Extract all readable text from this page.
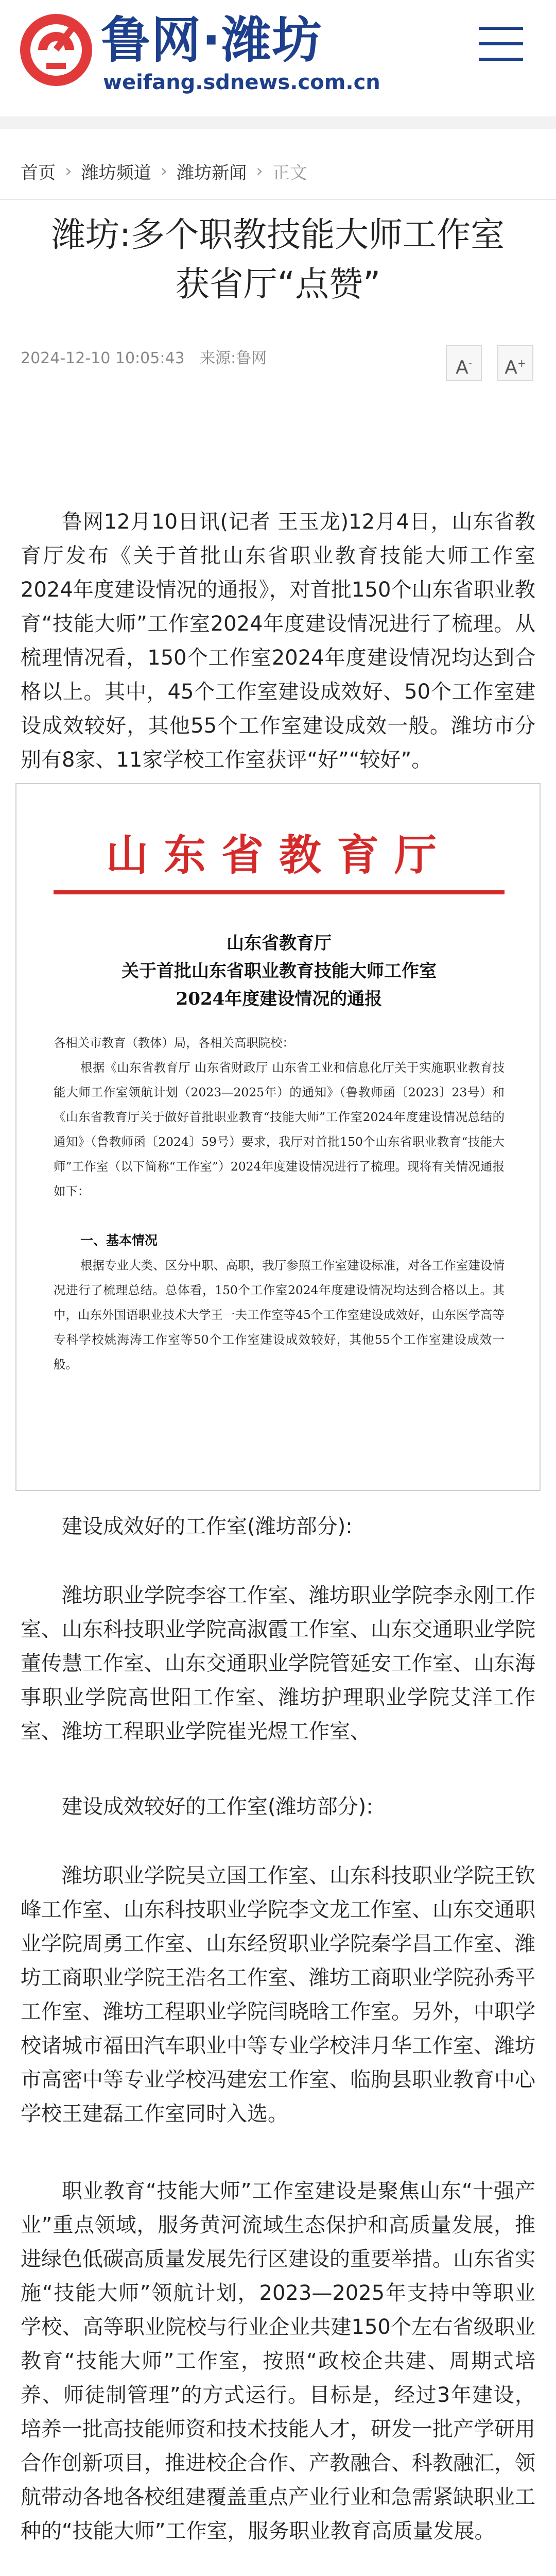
鲁网·潍坊
weifang.sdnews.com.cn
首页 › 潍坊频道 › 潍坊新闻 › 正文
潍坊:多个职教技能大师工作室获省厅“点赞”
2024-12-10 10:05:43 来源:鲁网	A-	A+

鲁网12月10日讯(记者 王玉龙)12月4日，山东省教育厅发布《关于首批山东省职业教育技能大师工作室2024年度建设情况的通报》，对首批150个山东省职业教育“技能大师”工作室2024年度建设情况进行了梳理。从梳理情况看，150个工作室2024年度建设情况均达到合格以上。其中，45个工作室建设成效好、50个工作室建设成效较好，其他55个工作室建设成效一般。潍坊市分别有8家、11家学校工作室获评“好”“较好”。

山东省教育厅
山东省教育厅
关于首批山东省职业教育技能大师工作室
2024年度建设情况的通报
各相关市教育（教体）局，各相关高职院校：
根据《山东省教育厅 山东省财政厅 山东省工业和信息化厅关于实施职业教育技能大师工作室领航计划（2023—2025年）的通知》（鲁教师函〔2023〕23号）和《山东省教育厅关于做好首批职业教育“技能大师”工作室2024年度建设情况总结的通知》（鲁教师函〔2024〕59号）要求，我厅对首批150个山东省职业教育“技能大师”工作室（以下简称“工作室”）2024年度建设情况进行了梳理。现将有关情况通报如下：
一、基本情况
根据专业大类、区分中职、高职，我厅参照工作室建设标准，对各工作室建设情况进行了梳理总结。总体看，150个工作室2024年度建设情况均达到合格以上。其中，山东外国语职业技术大学王一夫工作室等45个工作室建设成效好，山东医学高等专科学校姚海涛工作室等50个工作室建设成效较好，其他55个工作室建设成效一般。

建设成效好的工作室(潍坊部分):

潍坊职业学院李容工作室、潍坊职业学院李永刚工作室、山东科技职业学院高淑霞工作室、山东交通职业学院董传慧工作室、山东交通职业学院管延安工作室、山东海事职业学院高世阳工作室、潍坊护理职业学院艾洋工作室、潍坊工程职业学院崔光煜工作室、

建设成效较好的工作室(潍坊部分):

潍坊职业学院吴立国工作室、山东科技职业学院王钦峰工作室、山东科技职业学院李文龙工作室、山东交通职业学院周勇工作室、山东经贸职业学院秦学昌工作室、潍坊工商职业学院王浩名工作室、潍坊工商职业学院孙秀平工作室、潍坊工程职业学院闫晓晗工作室。另外，中职学校诸城市福田汽车职业中等专业学校沣月华工作室、潍坊市高密中等专业学校冯建宏工作室、临朐县职业教育中心学校王建磊工作室同时入选。

职业教育“技能大师”工作室建设是聚焦山东“十强产业”重点领域，服务黄河流域生态保护和高质量发展，推进绿色低碳高质量发展先行区建设的重要举措。山东省实施“技能大师”领航计划，2023—2025年支持中等职业学校、高等职业院校与行业企业共建150个左右省级职业教育“技能大师”工作室，按照“政校企共建、周期式培养、师徒制管理”的方式运行。目标是，经过3年建设，培养一批高技能师资和技术技能人才，研发一批产学研用合作创新项目，推进校企合作、产教融合、科教融汇，领航带动各地各校组建覆盖重点产业行业和急需紧缺职业工种的“技能大师”工作室，服务职业教育高质量发展。
